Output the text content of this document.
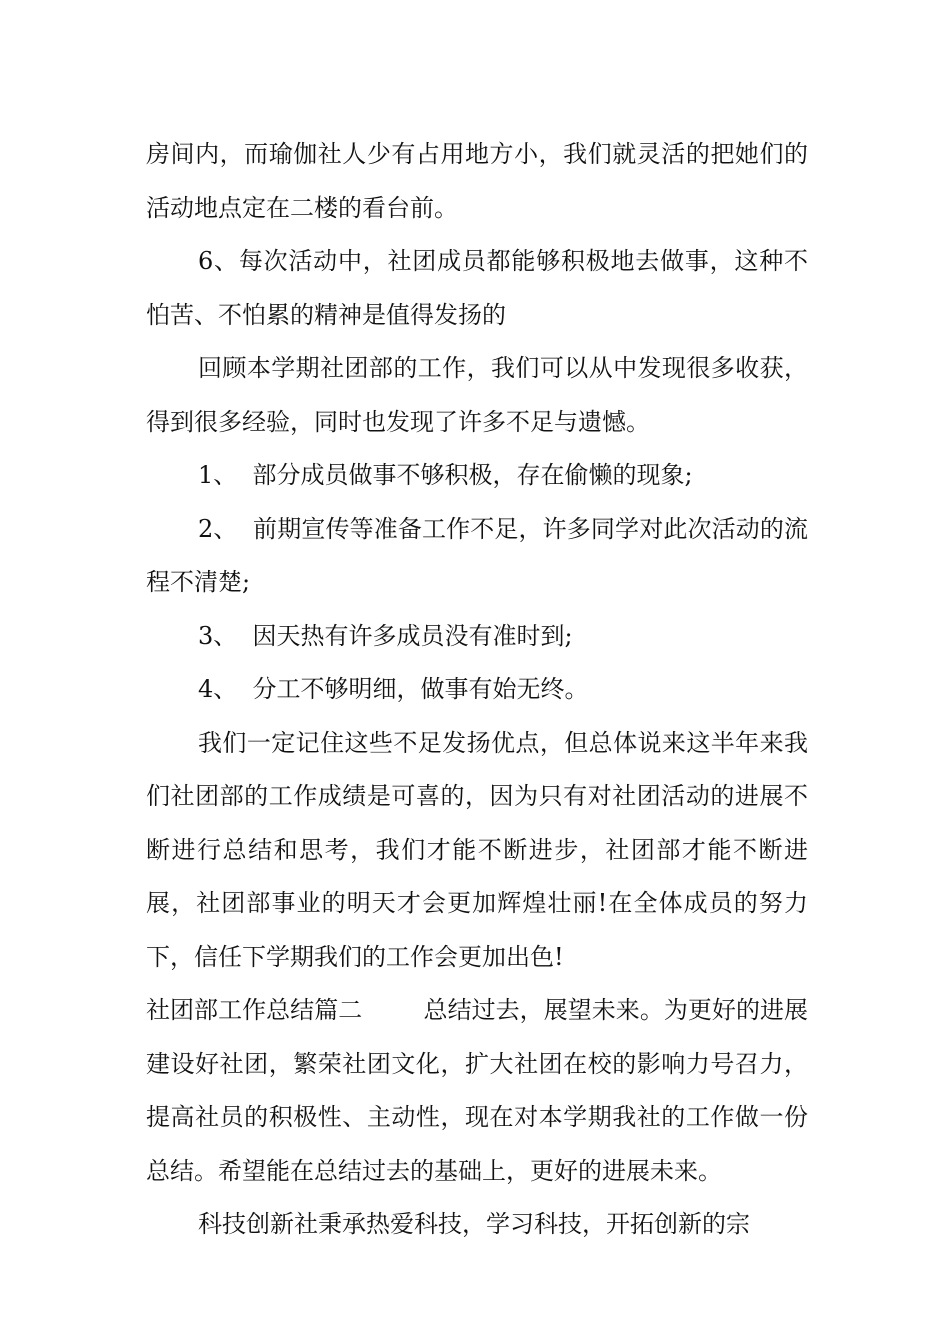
房间内，而瑜伽社人少有占用地方小，我们就灵活的把她们的活动地点定在二楼的看台前。

6、每次活动中，社团成员都能够积极地去做事，这种不怕苦、不怕累的精神是值得发扬的

回顾本学期社团部的工作，我们可以从中发现很多收获，得到很多经验，同时也发现了许多不足与遗憾。

1、  部分成员做事不够积极，存在偷懒的现象;

2、  前期宣传等准备工作不足，许多同学对此次活动的流程不清楚;

3、  因天热有许多成员没有准时到;

4、  分工不够明细，做事有始无终。

我们一定记住这些不足发扬优点，但总体说来这半年来我们社团部的工作成绩是可喜的，因为只有对社团活动的进展不断进行总结和思考，我们才能不断进步，社团部才能不断进展，社团部事业的明天才会更加辉煌壮丽!在全体成员的努力下，信任下学期我们的工作会更加出色!

社团部工作总结篇二        总结过去，展望未来。为更好的进展建设好社团，繁荣社团文化，扩大社团在校的影响力号召力，提高社员的积极性、主动性，现在对本学期我社的工作做一份总结。希望能在总结过去的基础上，更好的进展未来。

科技创新社秉承热爱科技，学习科技，开拓创新的宗
